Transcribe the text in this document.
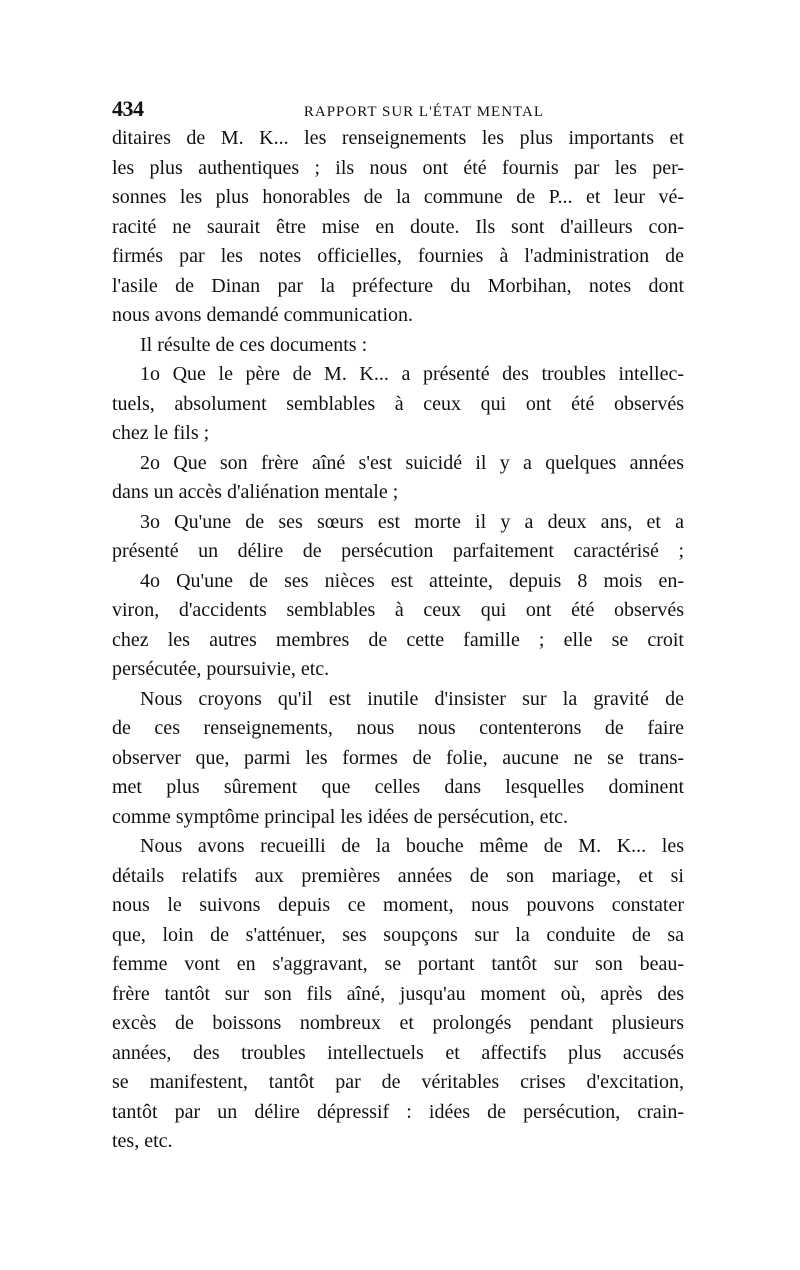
434	RAPPORT SUR L'ÉTAT MENTAL
ditaires de M. K... les renseignements les plus importants et
les plus authentiques ; ils nous ont été fournis par les per-
sonnes les plus honorables de la commune de P... et leur vé-
racité ne saurait être mise en doute. Ils sont d'ailleurs con-
firmés par les notes officielles, fournies à l'administration de
l'asile de Dinan par la préfecture du Morbihan, notes dont
nous avons demandé communication.
Il résulte de ces documents :
1o Que le père de M. K... a présenté des troubles intellec-
tuels, absolument semblables à ceux qui ont été observés
chez le fils ;
2o Que son frère aîné s'est suicidé il y a quelques années
dans un accès d'aliénation mentale ;
3o Qu'une de ses sœurs est morte il y a deux ans, et a
présenté un délire de persécution parfaitement caractérisé ;
4o Qu'une de ses nièces est atteinte, depuis 8 mois en-
viron, d'accidents semblables à ceux qui ont été observés
chez les autres membres de cette famille ; elle se croit
persécutée, poursuivie, etc.
Nous croyons qu'il est inutile d'insister sur la gravité de
de ces renseignements, nous nous contenterons de faire
observer que, parmi les formes de folie, aucune ne se trans-
met plus sûrement que celles dans lesquelles dominent
comme symptôme principal les idées de persécution, etc.
Nous avons recueilli de la bouche même de M. K... les
détails relatifs aux premières années de son mariage, et si
nous le suivons depuis ce moment, nous pouvons constater
que, loin de s'atténuer, ses soupçons sur la conduite de sa
femme vont en s'aggravant, se portant tantôt sur son beau-
frère tantôt sur son fils aîné, jusqu'au moment où, après des
excès de boissons nombreux et prolongés pendant plusieurs
années, des troubles intellectuels et affectifs plus accusés
se manifestent, tantôt par de véritables crises d'excitation,
tantôt par un délire dépressif : idées de persécution, crain-
tes, etc.
